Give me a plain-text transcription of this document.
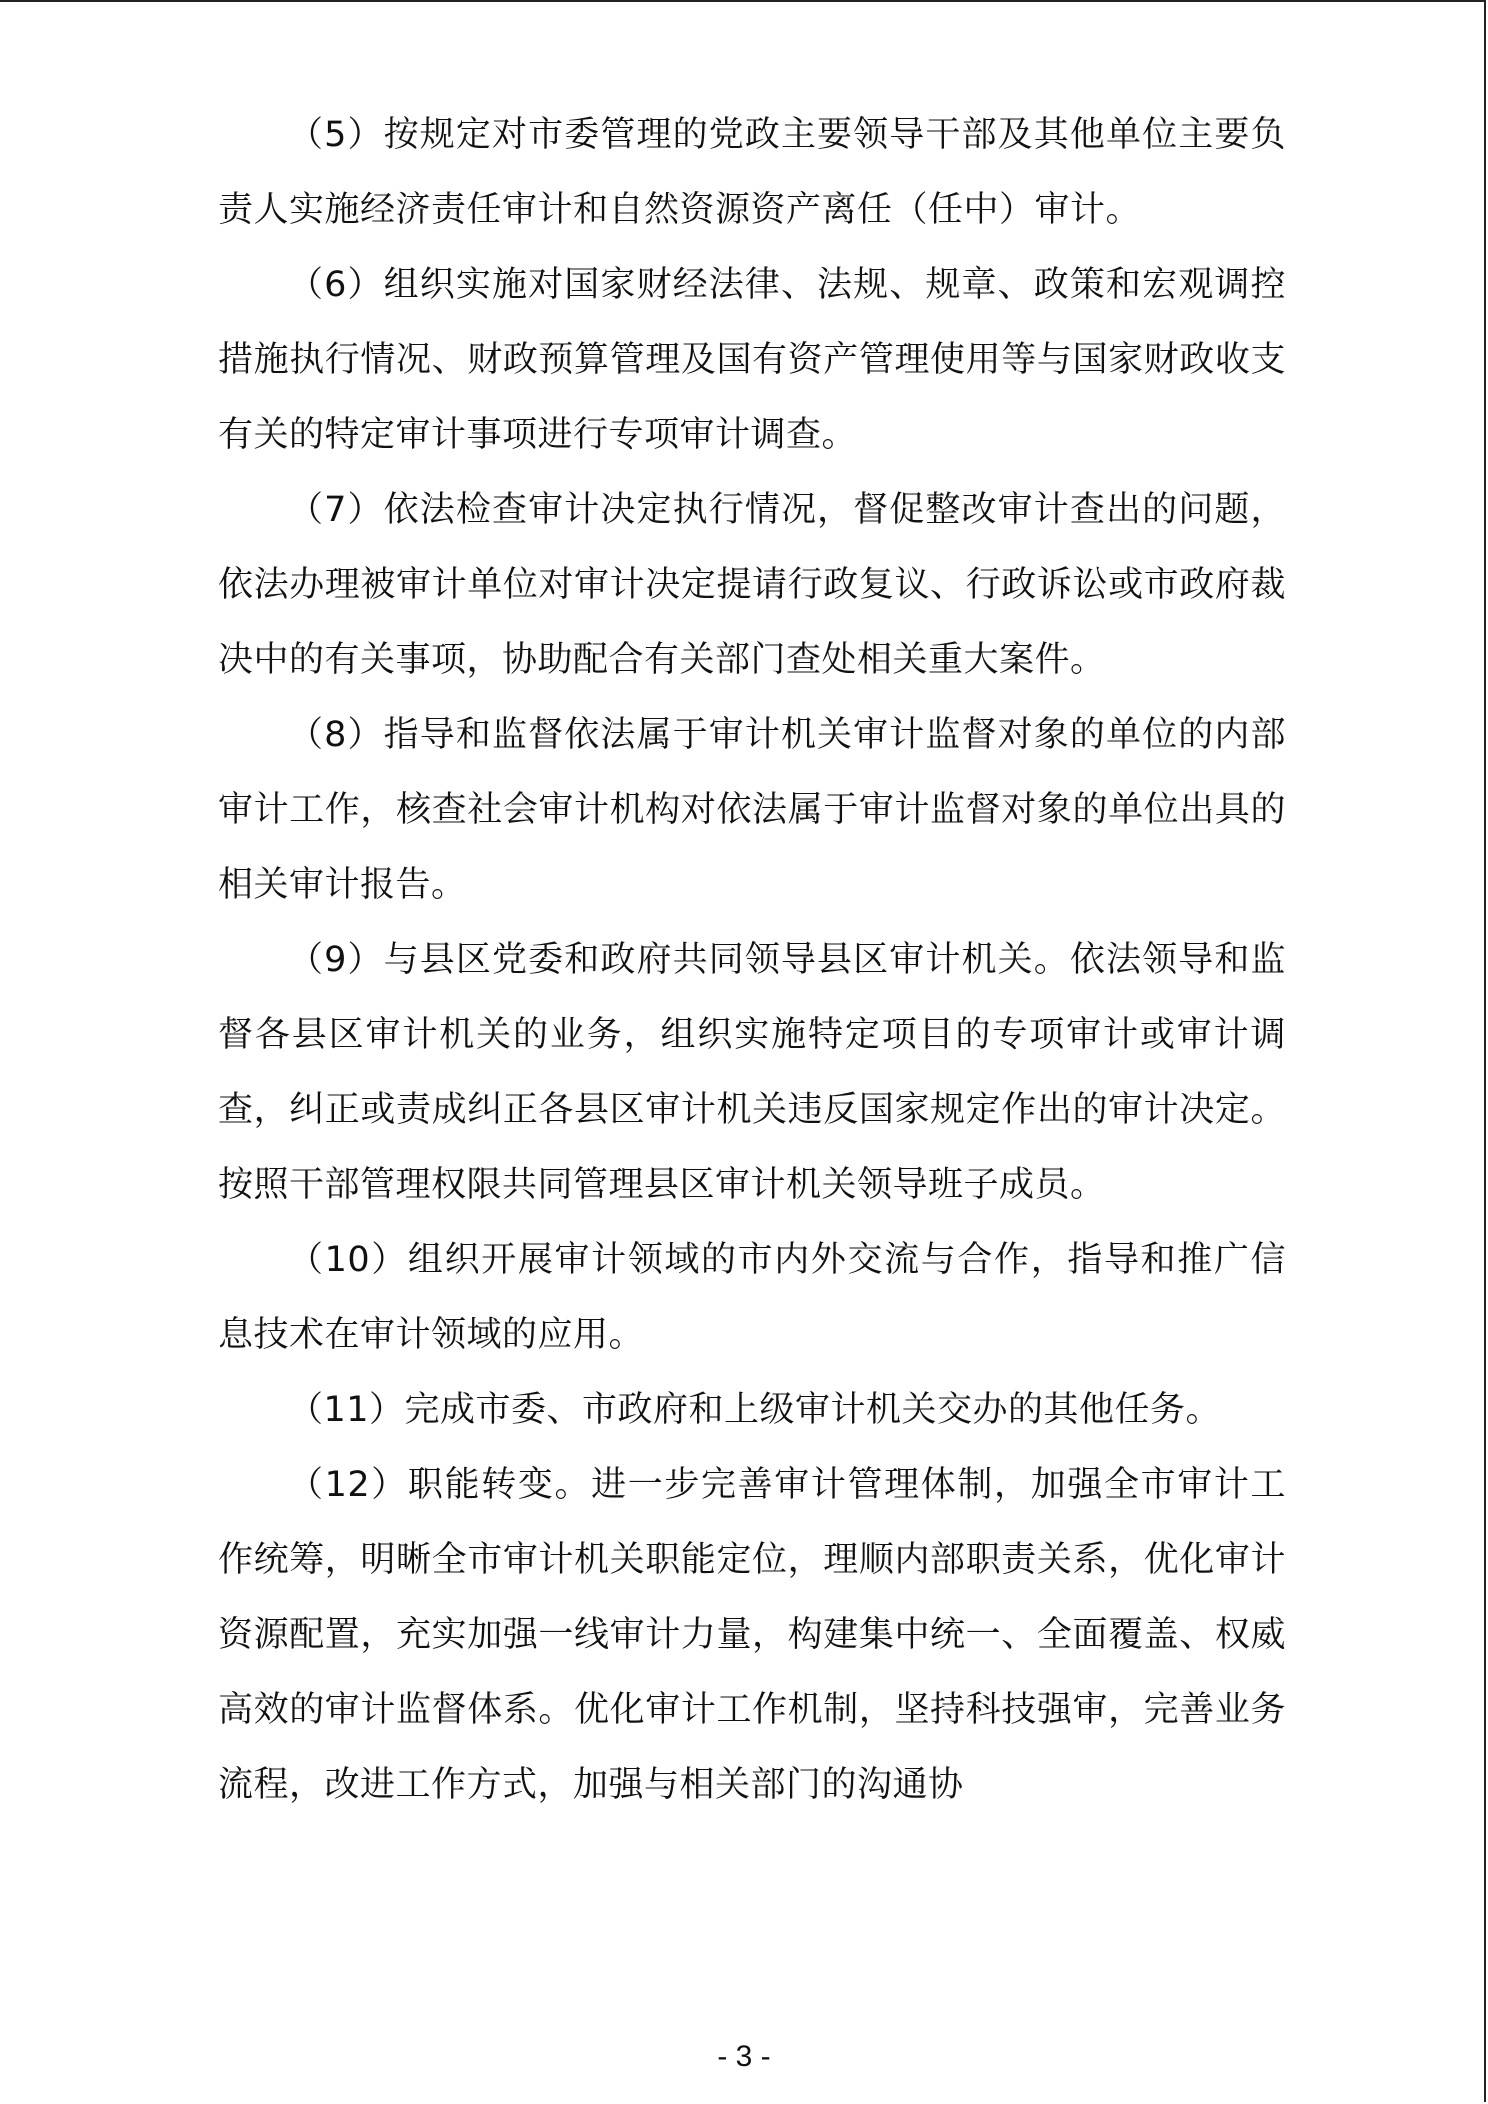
（5）按规定对市委管理的党政主要领导干部及其他单位主要负责人实施经济责任审计和自然资源资产离任（任中）审计。

（6）组织实施对国家财经法律、法规、规章、政策和宏观调控措施执行情况、财政预算管理及国有资产管理使用等与国家财政收支有关的特定审计事项进行专项审计调查。

（7）依法检查审计决定执行情况，督促整改审计查出的问题，依法办理被审计单位对审计决定提请行政复议、行政诉讼或市政府裁决中的有关事项，协助配合有关部门查处相关重大案件。

（8）指导和监督依法属于审计机关审计监督对象的单位的内部审计工作，核查社会审计机构对依法属于审计监督对象的单位出具的相关审计报告。

（9）与县区党委和政府共同领导县区审计机关。依法领导和监督各县区审计机关的业务，组织实施特定项目的专项审计或审计调查，纠正或责成纠正各县区审计机关违反国家规定作出的审计决定。按照干部管理权限共同管理县区审计机关领导班子成员。

（10）组织开展审计领域的市内外交流与合作，指导和推广信息技术在审计领域的应用。

（11）完成市委、市政府和上级审计机关交办的其他任务。

（12）职能转变。进一步完善审计管理体制，加强全市审计工作统筹，明晰全市审计机关职能定位，理顺内部职责关系，优化审计资源配置，充实加强一线审计力量，构建集中统一、全面覆盖、权威高效的审计监督体系。优化审计工作机制，坚持科技强审，完善业务流程，改进工作方式，加强与相关部门的沟通协

- 3 -
